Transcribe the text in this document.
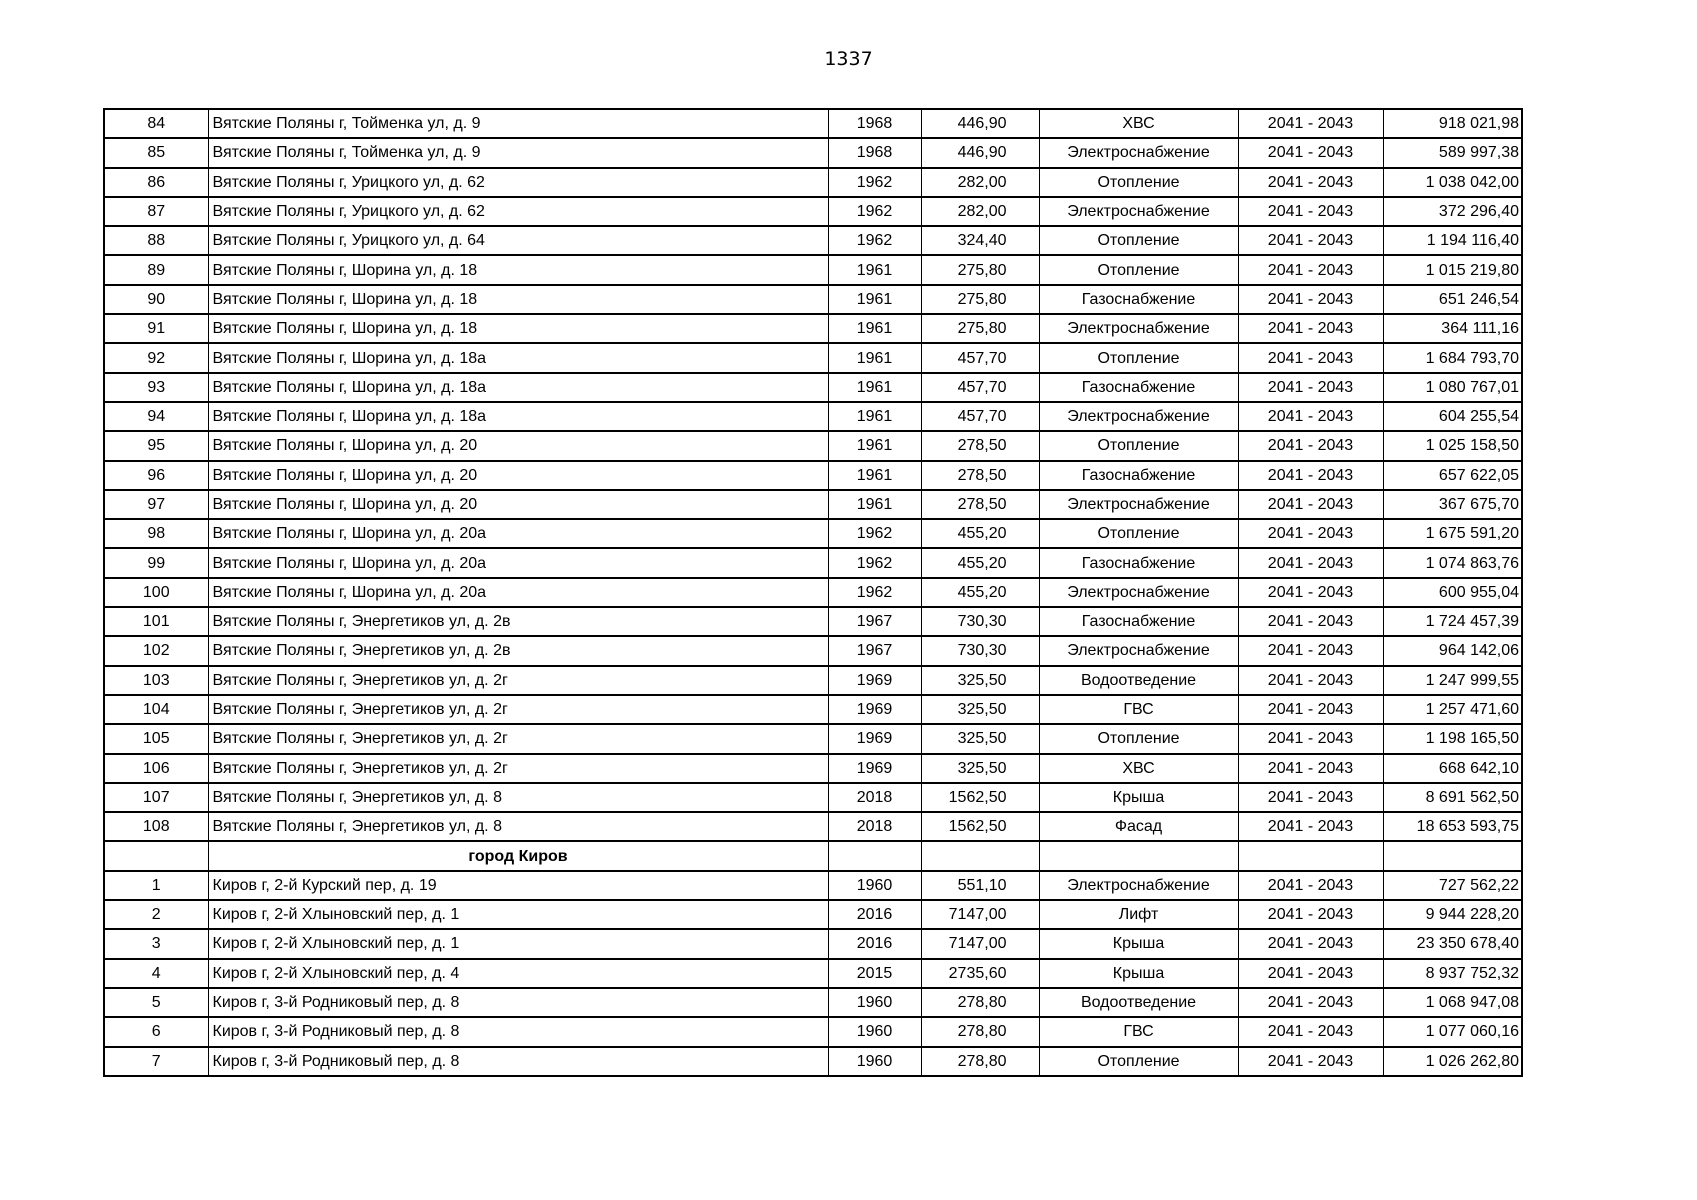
1337
84	Вятские Поляны г, Тойменка ул, д. 9	1968	446,90	ХВС	2041 - 2043	918 021,98
85	Вятские Поляны г, Тойменка ул, д. 9	1968	446,90	Электроснабжение	2041 - 2043	589 997,38
86	Вятские Поляны г, Урицкого ул, д. 62	1962	282,00	Отопление	2041 - 2043	1 038 042,00
87	Вятские Поляны г, Урицкого ул, д. 62	1962	282,00	Электроснабжение	2041 - 2043	372 296,40
88	Вятские Поляны г, Урицкого ул, д. 64	1962	324,40	Отопление	2041 - 2043	1 194 116,40
89	Вятские Поляны г, Шорина ул, д. 18	1961	275,80	Отопление	2041 - 2043	1 015 219,80
90	Вятские Поляны г, Шорина ул, д. 18	1961	275,80	Газоснабжение	2041 - 2043	651 246,54
91	Вятские Поляны г, Шорина ул, д. 18	1961	275,80	Электроснабжение	2041 - 2043	364 111,16
92	Вятские Поляны г, Шорина ул, д. 18а	1961	457,70	Отопление	2041 - 2043	1 684 793,70
93	Вятские Поляны г, Шорина ул, д. 18а	1961	457,70	Газоснабжение	2041 - 2043	1 080 767,01
94	Вятские Поляны г, Шорина ул, д. 18а	1961	457,70	Электроснабжение	2041 - 2043	604 255,54
95	Вятские Поляны г, Шорина ул, д. 20	1961	278,50	Отопление	2041 - 2043	1 025 158,50
96	Вятские Поляны г, Шорина ул, д. 20	1961	278,50	Газоснабжение	2041 - 2043	657 622,05
97	Вятские Поляны г, Шорина ул, д. 20	1961	278,50	Электроснабжение	2041 - 2043	367 675,70
98	Вятские Поляны г, Шорина ул, д. 20а	1962	455,20	Отопление	2041 - 2043	1 675 591,20
99	Вятские Поляны г, Шорина ул, д. 20а	1962	455,20	Газоснабжение	2041 - 2043	1 074 863,76
100	Вятские Поляны г, Шорина ул, д. 20а	1962	455,20	Электроснабжение	2041 - 2043	600 955,04
101	Вятские Поляны г, Энергетиков ул, д. 2в	1967	730,30	Газоснабжение	2041 - 2043	1 724 457,39
102	Вятские Поляны г, Энергетиков ул, д. 2в	1967	730,30	Электроснабжение	2041 - 2043	964 142,06
103	Вятские Поляны г, Энергетиков ул, д. 2г	1969	325,50	Водоотведение	2041 - 2043	1 247 999,55
104	Вятские Поляны г, Энергетиков ул, д. 2г	1969	325,50	ГВС	2041 - 2043	1 257 471,60
105	Вятские Поляны г, Энергетиков ул, д. 2г	1969	325,50	Отопление	2041 - 2043	1 198 165,50
106	Вятские Поляны г, Энергетиков ул, д. 2г	1969	325,50	ХВС	2041 - 2043	668 642,10
107	Вятские Поляны г, Энергетиков ул, д. 8	2018	1562,50	Крыша	2041 - 2043	8 691 562,50
108	Вятские Поляны г, Энергетиков ул, д. 8	2018	1562,50	Фасад	2041 - 2043	18 653 593,75
	город Киров					
1	Киров г, 2-й Курский пер, д. 19	1960	551,10	Электроснабжение	2041 - 2043	727 562,22
2	Киров г, 2-й Хлыновский пер, д. 1	2016	7147,00	Лифт	2041 - 2043	9 944 228,20
3	Киров г, 2-й Хлыновский пер, д. 1	2016	7147,00	Крыша	2041 - 2043	23 350 678,40
4	Киров г, 2-й Хлыновский пер, д. 4	2015	2735,60	Крыша	2041 - 2043	8 937 752,32
5	Киров г, 3-й Родниковый пер, д. 8	1960	278,80	Водоотведение	2041 - 2043	1 068 947,08
6	Киров г, 3-й Родниковый пер, д. 8	1960	278,80	ГВС	2041 - 2043	1 077 060,16
7	Киров г, 3-й Родниковый пер, д. 8	1960	278,80	Отопление	2041 - 2043	1 026 262,80
